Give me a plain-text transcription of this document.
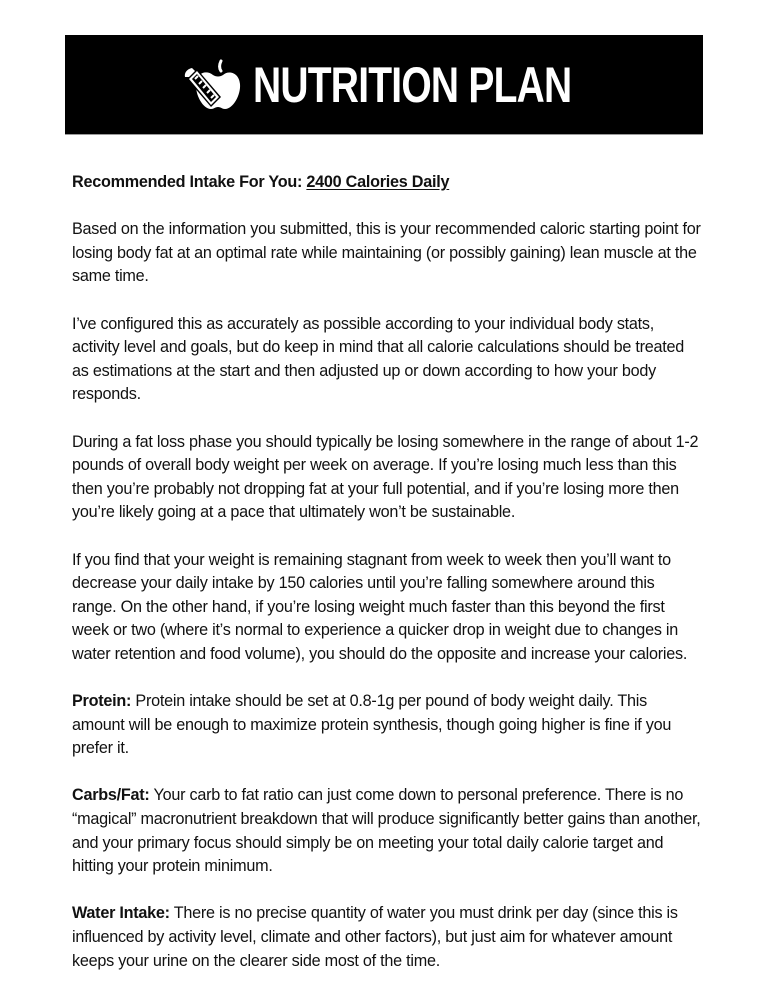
NUTRITION PLAN
Recommended Intake For You: 2400 Calories Daily

Based on the information you submitted, this is your recommended caloric starting point for losing body fat at an optimal rate while maintaining (or possibly gaining) lean muscle at the same time.

I’ve configured this as accurately as possible according to your individual body stats, activity level and goals, but do keep in mind that all calorie calculations should be treated as estimations at the start and then adjusted up or down according to how your body responds.

During a fat loss phase you should typically be losing somewhere in the range of about 1-2 pounds of overall body weight per week on average. If you’re losing much less than this then you’re probably not dropping fat at your full potential, and if you’re losing more then you’re likely going at a pace that ultimately won’t be sustainable.

If you find that your weight is remaining stagnant from week to week then you’ll want to decrease your daily intake by 150 calories until you’re falling somewhere around this range. On the other hand, if you’re losing weight much faster than this beyond the first week or two (where it’s normal to experience a quicker drop in weight due to changes in water retention and food volume), you should do the opposite and increase your calories.

Protein: Protein intake should be set at 0.8-1g per pound of body weight daily. This amount will be enough to maximize protein synthesis, though going higher is fine if you prefer it.

Carbs/Fat: Your carb to fat ratio can just come down to personal preference. There is no “magical” macronutrient breakdown that will produce significantly better gains than another, and your primary focus should simply be on meeting your total daily calorie target and hitting your protein minimum.

Water Intake: There is no precise quantity of water you must drink per day (since this is influenced by activity level, climate and other factors), but just aim for whatever amount keeps your urine on the clearer side most of the time.
